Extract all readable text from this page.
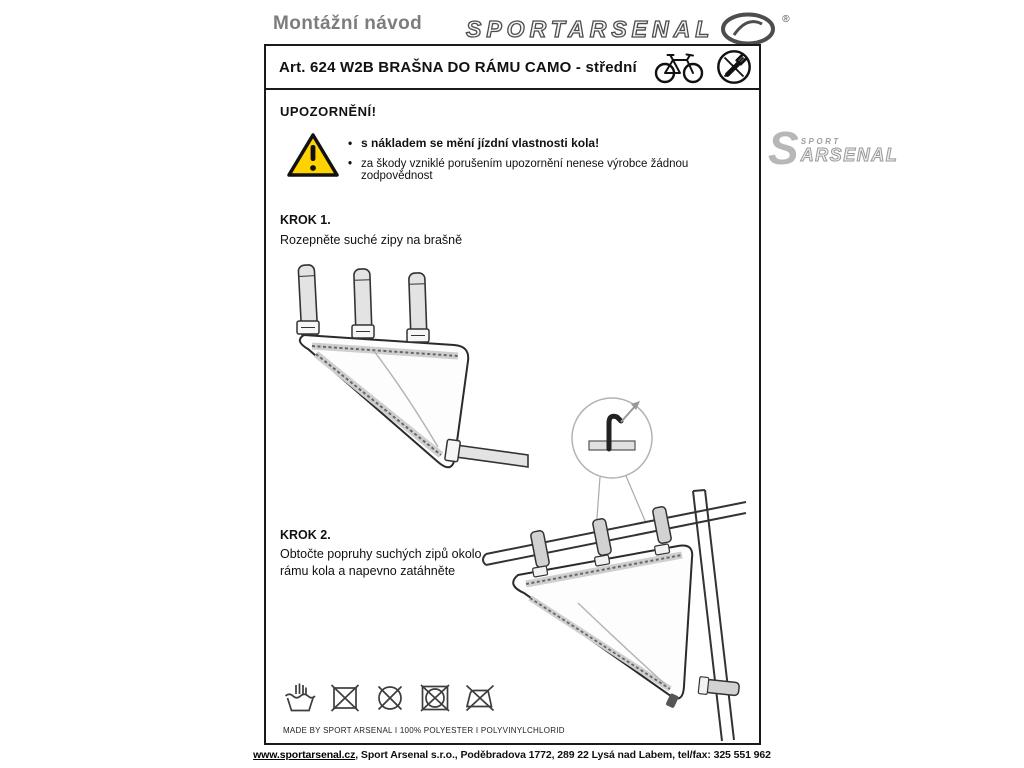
Montážní návod SPORTARSENAL	®
Art. 624 W2B BRAŠNA DO RÁMU CAMO - střední
UPOZORNĚNÍ!
• s nákladem se mění jízdní vlastnosti kola!
• za škody vzniklé porušením upozornění nenese výrobce žádnou zodpovědnost
KROK 1.
Rozepněte suché zipy na brašně
KROK 2.
Obtočte popruhy suchých zipů okolo rámu kola a napevno zatáhněte
MADE BY SPORT ARSENAL I 100% POLYESTER I POLYVINYLCHLORID
S SPORT
ARSENAL
www.sportarsenal.cz, Sport Arsenal s.r.o., Poděbradova 1772, 289 22 Lysá nad Labem, tel/fax: 325 551 962
